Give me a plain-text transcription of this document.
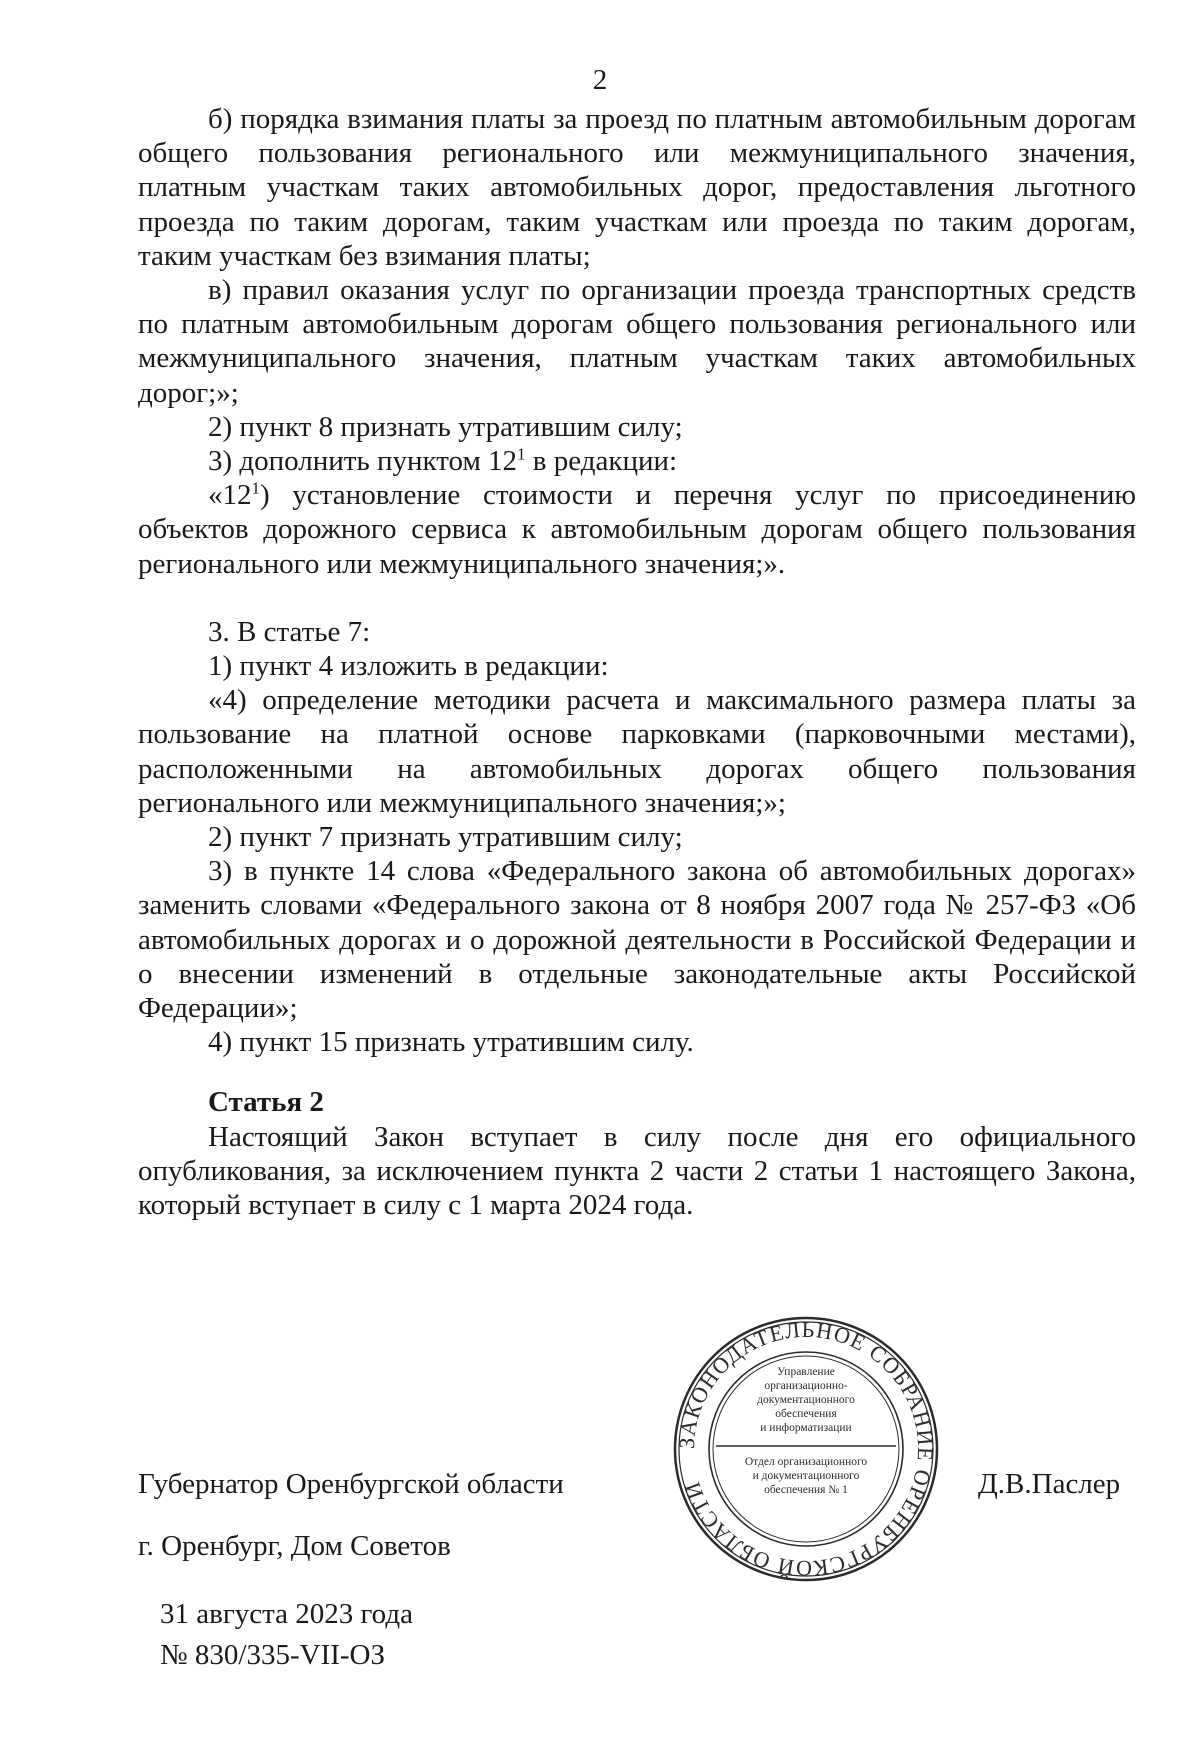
2

б) порядка взимания платы за проезд по платным автомобильным дорогам общего пользования регионального или межмуниципального значения, платным участкам таких автомобильных дорог, предоставления льготного проезда по таким дорогам, таким участкам или проезда по таким дорогам, таким участкам без взимания платы;

в) правил оказания услуг по организации проезда транспортных средств по платным автомобильным дорогам общего пользования регионального или межмуниципального значения, платным участкам таких автомобильных дорог;»;

2) пункт 8 признать утратившим силу;

3) дополнить пунктом $12^1$ в редакции:

«$12^1$) установление стоимости и перечня услуг по присоединению объектов дорожного сервиса к автомобильным дорогам общего пользования регионального или межмуниципального значения;».

3. В статье 7:

1) пункт 4 изложить в редакции:

«4) определение методики расчета и максимального размера платы за пользование на платной основе парковками (парковочными местами), расположенными на автомобильных дорогах общего пользования регионального или межмуниципального значения;»;

2) пункт 7 признать утратившим силу;

3) в пункте 14 слова «Федерального закона об автомобильных дорогах» заменить словами «Федерального закона от 8 ноября 2007 года № 257-ФЗ «Об автомобильных дорогах и о дорожной деятельности в Российской Федерации и о внесении изменений в отдельные законодательные акты Российской Федерации»;

4) пункт 15 признать утратившим силу.

Статья 2

Настоящий Закон вступает в силу после дня его официального опубликования, за исключением пункта 2 части 2 статьи 1 настоящего Закона, который вступает в силу с 1 марта 2024 года.

Губернатор Оренбургской области	Д.В.Паслер
г. Оренбург, Дом Советов
31 августа 2023 года
№ 830/335-VII-ОЗ
ЗАКОНОДАТЕЛЬНОЕ СОБРАНИЕ ОРЕНБУРГСКОЙ ОБЛАСТИ
Управление
организационно-
документационного
обеспечения
и информатизации
Отдел организационного
и документационного
обеспечения № 1
